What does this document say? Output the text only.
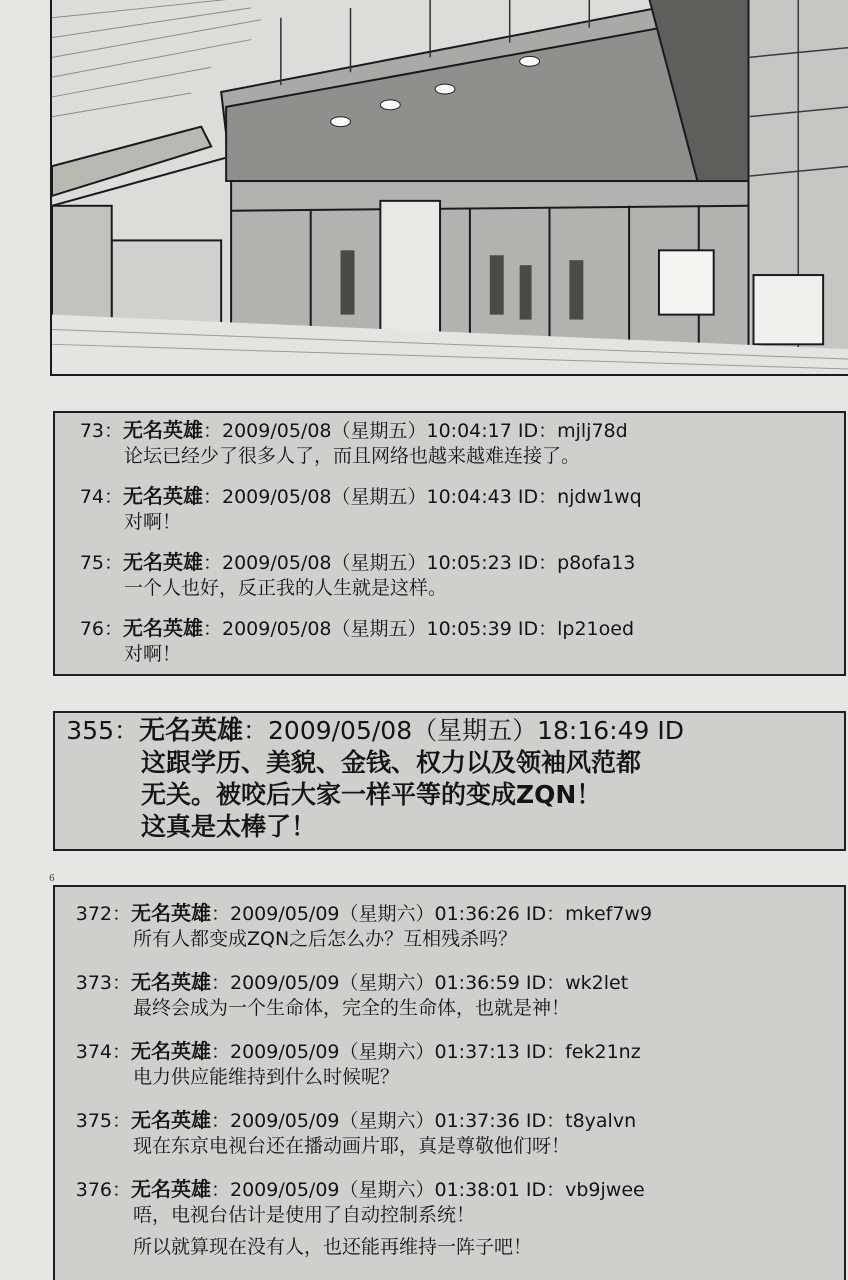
73：无名英雄：2009/05/08（星期五）10:04:17 ID：mjlj78d
论坛已经少了很多人了，而且网络也越来越难连接了。
74：无名英雄：2009/05/08（星期五）10:04:43 ID：njdw1wq
对啊！
75：无名英雄：2009/05/08（星期五）10:05:23 ID：p8ofa13
一个人也好，反正我的人生就是这样。
76：无名英雄：2009/05/08（星期五）10:05:39 ID：lp21oed
对啊！
355：无名英雄：2009/05/08（星期五）18:16:49 ID
这跟学历、美貌、金钱、权力以及领袖风范都
无关。被咬后大家一样平等的变成ZQN！
这真是太棒了！
6
372：无名英雄：2009/05/09（星期六）01:36:26 ID：mkef7w9
所有人都变成ZQN之后怎么办？互相残杀吗？
373：无名英雄：2009/05/09（星期六）01:36:59 ID：wk2let
最终会成为一个生命体，完全的生命体，也就是神！
374：无名英雄：2009/05/09（星期六）01:37:13 ID：fek21nz
电力供应能维持到什么时候呢？
375：无名英雄：2009/05/09（星期六）01:37:36 ID：t8yalvn
现在东京电视台还在播动画片耶，真是尊敬他们呀！
376：无名英雄：2009/05/09（星期六）01:38:01 ID：vb9jwee
唔，电视台估计是使用了自动控制系统！
所以就算现在没有人，也还能再维持一阵子吧！
